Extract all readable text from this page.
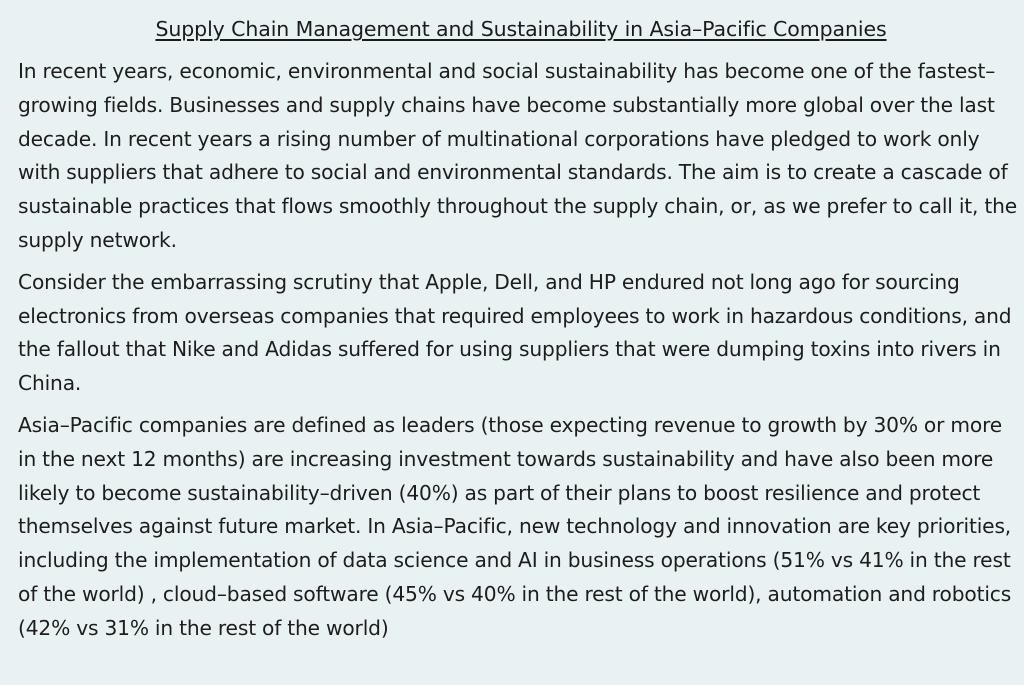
Supply Chain Management and Sustainability in Asia–Pacific Companies

In recent years, economic, environmental and social sustainability has become one of the fastest–growing fields. Businesses and supply chains have become substantially more global over the last decade. In recent years a rising number of multinational corporations have pledged to work only with suppliers that adhere to social and environmental standards. The aim is to create a cascade of sustainable practices that flows smoothly throughout the supply chain, or, as we prefer to call it, the supply network.

Consider the embarrassing scrutiny that Apple, Dell, and HP endured not long ago for sourcing electronics from overseas companies that required employees to work in hazardous conditions, and the fallout that Nike and Adidas suffered for using suppliers that were dumping toxins into rivers in China.

Asia–Pacific companies are defined as leaders (those expecting revenue to growth by 30% or more in the next 12 months) are increasing investment towards sustainability and have also been more likely to become sustainability–driven (40%) as part of their plans to boost resilience and protect themselves against future market. In Asia–Pacific, new technology and innovation are key priorities, including the implementation of data science and AI in business operations (51% vs 41% in the rest of the world) , cloud–based software (45% vs 40% in the rest of the world), automation and robotics (42% vs 31% in the rest of the world)
